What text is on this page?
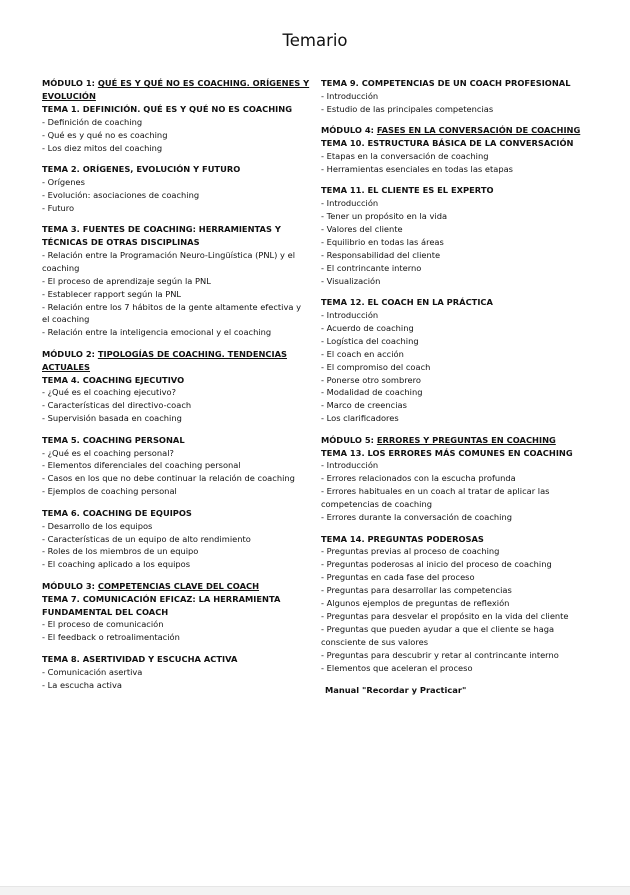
Temario

MÓDULO 1: QUÉ ES Y QUÉ NO ES COACHING. ORÍGENES Y EVOLUCIÓN

TEMA 1. DEFINICIÓN. QUÉ ES Y QUÉ NO ES COACHING

- Definición de coaching
- Qué es y qué no es coaching
- Los diez mitos del coaching

TEMA 2. ORÍGENES, EVOLUCIÓN Y FUTURO

- Orígenes
- Evolución: asociaciones de coaching
- Futuro

TEMA 3. FUENTES DE COACHING: HERRAMIENTAS Y TÉCNICAS DE OTRAS DISCIPLINAS

- Relación entre la Programación Neuro-Lingüística (PNL) y el coaching
- El proceso de aprendizaje según la PNL
- Establecer rapport según la PNL
- Relación entre los 7 hábitos de la gente altamente efectiva y el coaching
- Relación entre la inteligencia emocional y el coaching

MÓDULO 2: TIPOLOGÍAS DE COACHING. TENDENCIAS ACTUALES

TEMA 4. COACHING EJECUTIVO

- ¿Qué es el coaching ejecutivo?
- Características del directivo-coach
- Supervisión basada en coaching

TEMA 5. COACHING PERSONAL

- ¿Qué es el coaching personal?
- Elementos diferenciales del coaching personal
- Casos en los que no debe continuar la relación de coaching
- Ejemplos de coaching personal

TEMA 6. COACHING DE EQUIPOS

- Desarrollo de los equipos
- Características de un equipo de alto rendimiento
- Roles de los miembros de un equipo
- El coaching aplicado a los equipos

MÓDULO 3: COMPETENCIAS CLAVE DEL COACH

TEMA 7. COMUNICACIÓN EFICAZ: LA HERRAMIENTA FUNDAMENTAL DEL COACH

- El proceso de comunicación
- El feedback o retroalimentación

TEMA 8. ASERTIVIDAD Y ESCUCHA ACTIVA

- Comunicación asertiva
- La escucha activa

TEMA 9. COMPETENCIAS DE UN COACH PROFESIONAL

- Introducción
- Estudio de las principales competencias

MÓDULO 4: FASES EN LA CONVERSACIÓN DE COACHING

TEMA 10. ESTRUCTURA BÁSICA DE LA CONVERSACIÓN

- Etapas en la conversación de coaching
- Herramientas esenciales en todas las etapas

TEMA 11. EL CLIENTE ES EL EXPERTO

- Introducción
- Tener un propósito en la vida
- Valores del cliente
- Equilibrio en todas las áreas
- Responsabilidad del cliente
- El contrincante interno
- Visualización

TEMA 12. EL COACH EN LA PRÁCTICA

- Introducción
- Acuerdo de coaching
- Logística del coaching
- El coach en acción
- El compromiso del coach
- Ponerse otro sombrero
- Modalidad de coaching
- Marco de creencias
- Los clarificadores

MÓDULO 5: ERRORES Y PREGUNTAS EN COACHING

TEMA 13. LOS ERRORES MÁS COMUNES EN COACHING

- Introducción
- Errores relacionados con la escucha profunda
- Errores habituales en un coach al tratar de aplicar las competencias de coaching
- Errores durante la conversación de coaching

TEMA 14. PREGUNTAS PODEROSAS

- Preguntas previas al proceso de coaching
- Preguntas poderosas al inicio del proceso de coaching
- Preguntas en cada fase del proceso
- Preguntas para desarrollar las competencias
- Algunos ejemplos de preguntas de reflexión
- Preguntas para desvelar el propósito en la vida del cliente
- Preguntas que pueden ayudar a que el cliente se haga consciente de sus valores
- Preguntas para descubrir y retar al contrincante interno
- Elementos que aceleran el proceso

Manual "Recordar y Practicar"
